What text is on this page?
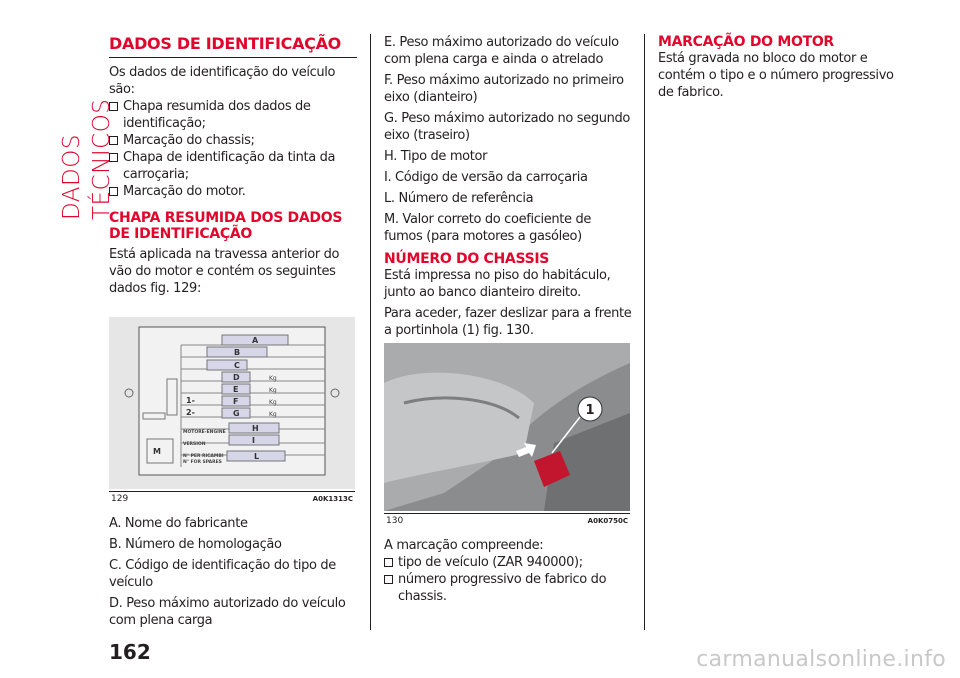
DADOS TÉCNICOS
DADOS DE IDENTIFICAÇÃO

Os dados de identificação do veículo são:

Chapa resumida dos dados de identificação;

Marcação do chassis;

Chapa de identificação da tinta da carroçaria;

Marcação do motor.

CHAPA RESUMIDA DOS DADOS DE IDENTIFICAÇÃO

Está aplicada na travessa anterior do vão do motor e contém os seguintes dados fig. 129:

A
B
C
D
E
F
G
H
I
L
1-
2-
M
Kg
Kg
Kg
Kg
MOTORE-ENGINE
VERSION
N° PER RICAMBI
N° FOR SPARES
129	A0K1313C

A. Nome do fabricante

B. Número de homologação

C. Código de identificação do tipo de veículo

D. Peso máximo autorizado do veículo com plena carga

E. Peso máximo autorizado do veículo com plena carga e ainda o atrelado

F. Peso máximo autorizado no primeiro eixo (dianteiro)

G. Peso máximo autorizado no segundo eixo (traseiro)

H. Tipo de motor

I. Código de versão da carroçaria

L. Número de referência

M. Valor correto do coeficiente de fumos (para motores a gasóleo)

NÚMERO DO CHASSIS

Está impressa no piso do habitáculo, junto ao banco dianteiro direito.

Para aceder, fazer deslizar para a frente a portinhola (1) fig. 130.

1
130	A0K0750C

A marcação compreende:

tipo de veículo (ZAR 940000);

número progressivo de fabrico do chassis.

MARCAÇÃO DO MOTOR

Está gravada no bloco do motor e contém o tipo e o número progressivo de fabrico.

162	carmanualsonline.info
